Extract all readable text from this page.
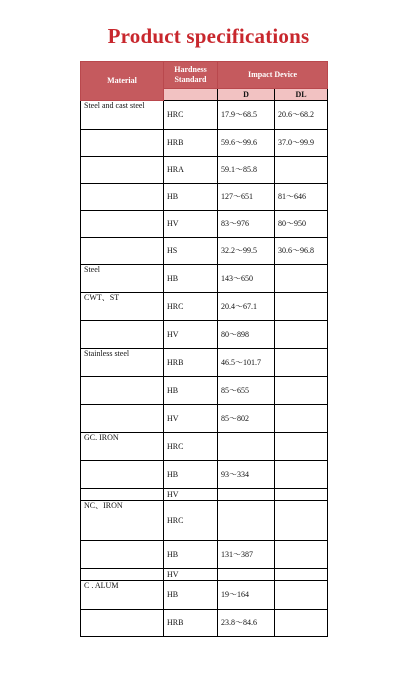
Product specifications
Material	Hardness Standard	Impact Device	
		D	DL
Steel and cast steel	HRC	17.9～68.5	20.6～68.2
	HRB	59.6～99.6	37.0～99.9
	HRA	59.1～85.8	
	HB	127～651	81～646
	HV	83～976	80～950
	HS	32.2～99.5	30.6～96.8
Steel	HB	143～650	
CWT、ST	HRC	20.4～67.1	
	HV	80～898	
Stainless steel	HRB	46.5～101.7	
	HB	85～655	
	HV	85～802	
GC. IRON	HRC		
	HB	93～334	
	HV		
NC、IRON	HRC		
	HB	131～387	
	HV		
C . ALUM	HB	19～164	
	HRB	23.8～84.6	
